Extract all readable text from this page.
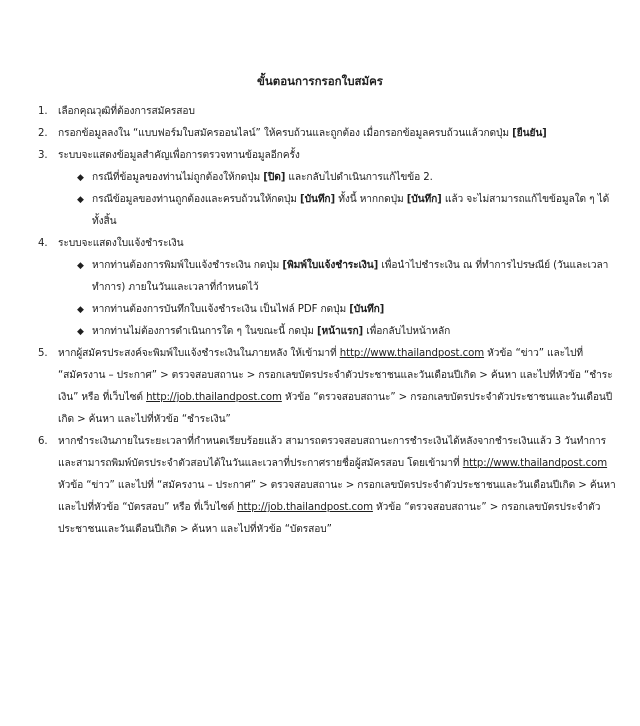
ขั้นตอนการกรอกใบสมัคร
1.	เลือกคุณวุฒิที่ต้องการสมัครสอบ
2.	กรอกข้อมูลลงใน “แบบฟอร์มใบสมัครออนไลน์” ให้ครบถ้วนและถูกต้อง เมื่อกรอกข้อมูลครบถ้วนแล้วกดปุ่ม [ยืนยัน]
3.	ระบบจะแสดงข้อมูลสำคัญเพื่อการตรวจทานข้อมูลอีกครั้ง
◆ กรณีที่ข้อมูลของท่านไม่ถูกต้องให้กดปุ่ม [ปิด] และกลับไปดำเนินการแก้ไขข้อ 2.
◆ กรณีข้อมูลของท่านถูกต้องและครบถ้วนให้กดปุ่ม [บันทึก] ทั้งนี้ หากกดปุ่ม [บันทึก] แล้ว จะไม่สามารถแก้ไขข้อมูลใด ๆ ได้ทั้งสิ้น
4.	ระบบจะแสดงใบแจ้งชำระเงิน
◆ หากท่านต้องการพิมพ์ใบแจ้งชำระเงิน กดปุ่ม [พิมพ์ใบแจ้งชำระเงิน] เพื่อนำไปชำระเงิน ณ ที่ทำการไปรษณีย์ (วันและเวลาทำการ) ภายในวันและเวลาที่กำหนดไว้
◆ หากท่านต้องการบันทึกใบแจ้งชำระเงิน เป็นไฟล์ PDF กดปุ่ม [บันทึก]
◆ หากท่านไม่ต้องการดำเนินการใด ๆ ในขณะนี้ กดปุ่ม [หน้าแรก] เพื่อกลับไปหน้าหลัก
5.	หากผู้สมัครประสงค์จะพิมพ์ใบแจ้งชำระเงินในภายหลัง ให้เข้ามาที่ http://www.thailandpost.com หัวข้อ “ข่าว” และไปที่ “สมัครงาน – ประกาศ” > ตรวจสอบสถานะ > กรอกเลขบัตรประจำตัวประชาชนและวันเดือนปีเกิด > ค้นหา และไปที่หัวข้อ “ชำระเงิน” หรือ ที่เว็บไซต์ http://job.thailandpost.com หัวข้อ “ตรวจสอบสถานะ” > กรอกเลขบัตรประจำตัวประชาชนและวันเดือนปีเกิด > ค้นหา และไปที่หัวข้อ “ชำระเงิน”
6.	หากชำระเงินภายในระยะเวลาที่กำหนดเรียบร้อยแล้ว สามารถตรวจสอบสถานะการชำระเงินได้หลังจากชำระเงินแล้ว 3 วันทำการและสามารถพิมพ์บัตรประจำตัวสอบได้ในวันและเวลาที่ประกาศรายชื่อผู้สมัครสอบ โดยเข้ามาที่ http://www.thailandpost.com หัวข้อ “ข่าว” และไปที่ “สมัครงาน – ประกาศ” > ตรวจสอบสถานะ > กรอกเลขบัตรประจำตัวประชาชนและวันเดือนปีเกิด > ค้นหา และไปที่หัวข้อ “บัตรสอบ” หรือ ที่เว็บไซต์ http://job.thailandpost.com หัวข้อ “ตรวจสอบสถานะ” > กรอกเลขบัตรประจำตัวประชาชนและวันเดือนปีเกิด > ค้นหา และไปที่หัวข้อ “บัตรสอบ”
